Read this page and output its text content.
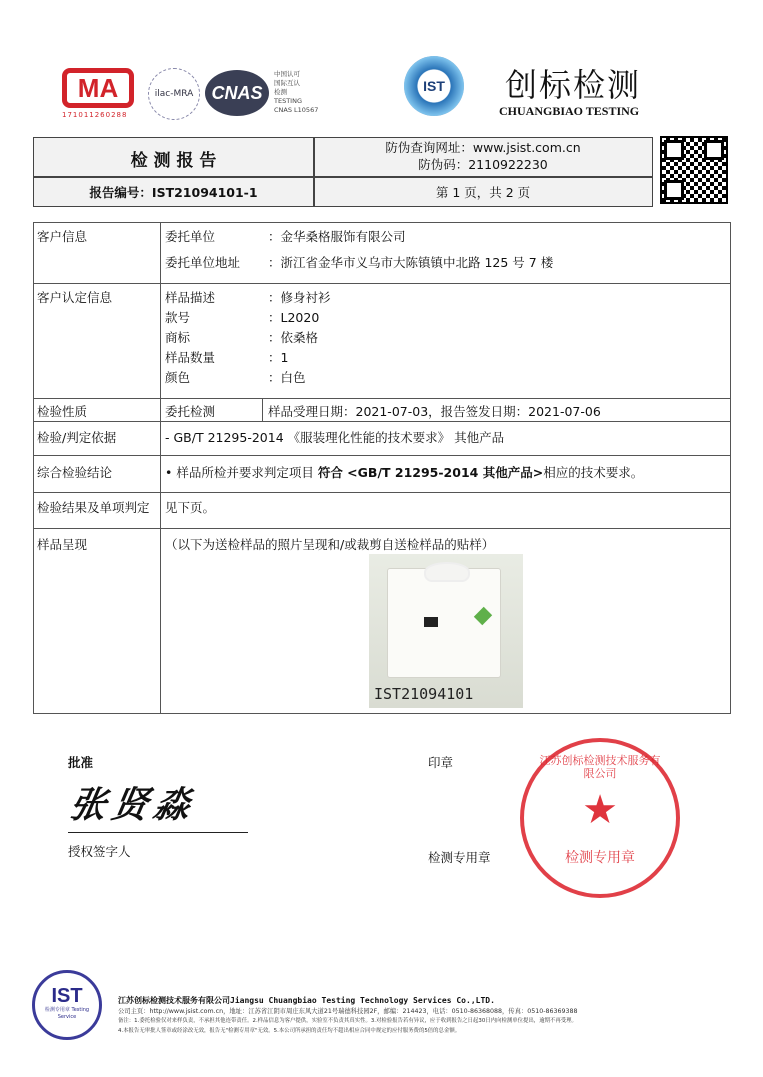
MA
171011260288
ilac-MRA	CNAS
中国认可
国际互认
检测
TESTING
CNAS L10567
IST 创标检测
CHUANGBIAO TESTING
检 测 报 告
防伪查询网址：www.jsist.com.cn
防伪码：2110922230
报告编号：IST21094101-1	第 1 页，共 2 页
客户信息	委托单位	：金华桑格服饰有限公司
委托单位地址 ：浙江省金华市义乌市大陈镇镇中北路 125 号 7 楼
客户认定信息	样品描述	：修身衬衫
款号	：L2020
商标	：依桑格
样品数量	：1
颜色	：白色
检验性质	委托检测	样品受理日期：2021-07-03，报告签发日期：2021-07-06
检验/判定依据	- GB/T 21295-2014 《服装理化性能的技术要求》 其他产品
综合检验结论	• 样品所检并要求判定项目 符合 <GB/T 21295-2014 其他产品>相应的技术要求。
检验结果及单项判定 见下页。
样品呈现	（以下为送检样品的照片呈现和/或裁剪自送检样品的贴样）
IST21094101
批准
张贤淼
授权签字人
印章
检测专用章
江苏创标检测技术服务有限公司
★
检测专用章
IST
检测专用章 Testing Service
江苏创标检测技术服务有限公司Jiangsu Chuangbiao Testing Technology Services Co.,LTD.
公司主页：http://www.jsist.com.cn，地址：江苏省江阴市周庄东风大道21号瑞德科技园2F，邮编：214423，电话：0510-86368088，传真：0510-86369388
备注：1.委托检验仅对来样负责，不承担其他连带责任。2.样品信息为客户提供，实验室不负责其真实性。3.对检验报告若有异议，应于收到报告之日起30日内向检测单位提出，逾期不再受理。
4.本报告无审批人签章或经涂改无效，报告无"检测专用章"无效。5.本公司所承担的责任均不超出相应合同中规定的应付服务费的5倍的总金额。
